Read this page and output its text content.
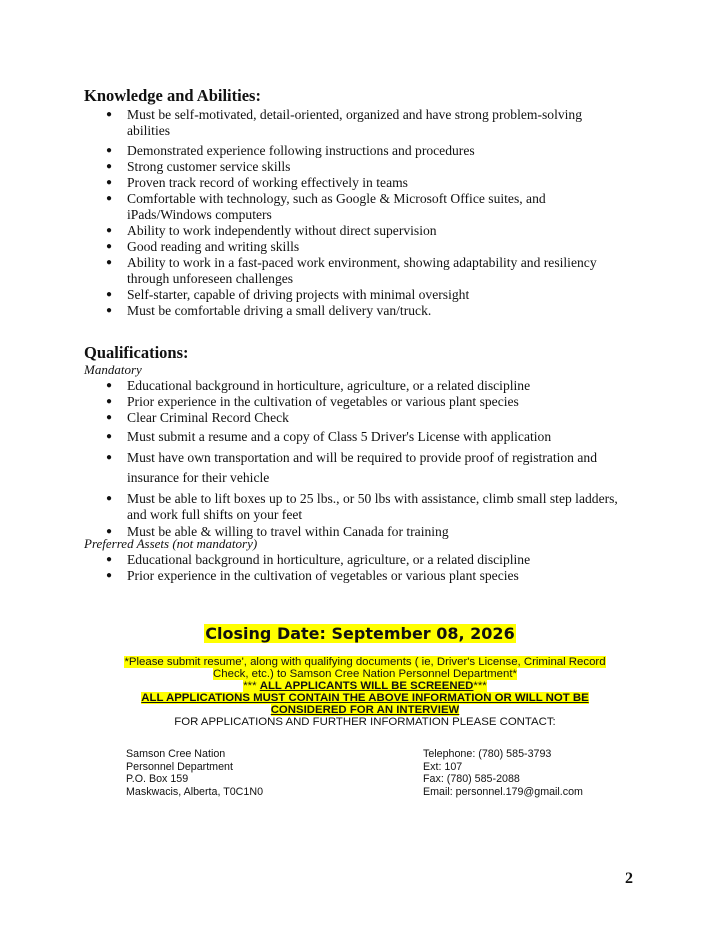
Knowledge and Abilities:
● Must be self-motivated, detail-oriented, organized and have strong problem-solving abilities
● Demonstrated experience following instructions and procedures
● Strong customer service skills
● Proven track record of working effectively in teams
● Comfortable with technology, such as Google & Microsoft Office suites, and iPads/Windows computers
● Ability to work independently without direct supervision
● Good reading and writing skills
● Ability to work in a fast-paced work environment, showing adaptability and resiliency through unforeseen challenges
● Self-starter, capable of driving projects with minimal oversight
● Must be comfortable driving a small delivery van/truck.
Qualifications:

Mandatory

● Educational background in horticulture, agriculture, or a related discipline
● Prior experience in the cultivation of vegetables or various plant species
● Clear Criminal Record Check
● Must submit a resume and a copy of Class 5 Driver's License with application
● Must have own transportation and will be required to provide proof of registration and insurance for their vehicle
● Must be able to lift boxes up to 25 lbs., or 50 lbs with assistance, climb small step ladders, and work full shifts on your feet
● Must be able & willing to travel within Canada for training

Preferred Assets (not mandatory)

● Educational background in horticulture, agriculture, or a related discipline
● Prior experience in the cultivation of vegetables or various plant species
Closing Date: September 08, 2026
*Please submit resume', along with qualifying documents ( ie, Driver's License, Criminal Record Check, etc.) to Samson Cree Nation Personnel Department*
*** ALL APPLICANTS WILL BE SCREENED***
ALL APPLICATIONS MUST CONTAIN THE ABOVE INFORMATION OR WILL NOT BE CONSIDERED FOR AN INTERVIEW
FOR APPLICATIONS AND FURTHER INFORMATION PLEASE CONTACT:
Samson Cree Nation
Personnel Department
P.O. Box 159
Maskwacis, Alberta, T0C1N0
Telephone: (780) 585-3793
Ext: 107
Fax: (780) 585-2088
Email: personnel.179@gmail.com
2
